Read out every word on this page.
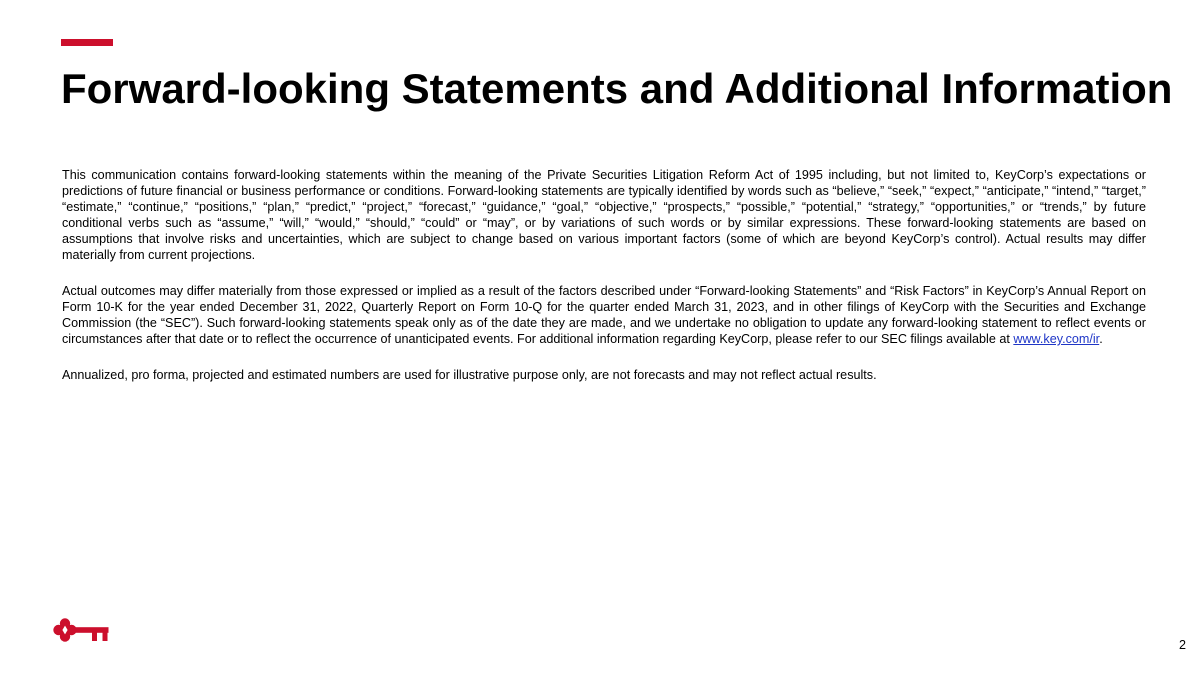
Forward-looking Statements and Additional Information

This communication contains forward-looking statements within the meaning of the Private Securities Litigation Reform Act of 1995 including, but not limited to, KeyCorp’s expectations or predictions of future financial or business performance or conditions. Forward-looking statements are typically identified by words such as “believe,” “seek,” “expect,” “anticipate,” “intend,” “target,” “estimate,” “continue,” “positions,” “plan,” “predict,” “project,” “forecast,” “guidance,” “goal,” “objective,” “prospects,” “possible,” “potential,” “strategy,” “opportunities,” or “trends,” by future conditional verbs such as “assume,” “will,” “would,” “should,” “could” or “may”, or by variations of such words or by similar expressions. These forward-looking statements are based on assumptions that involve risks and uncertainties, which are subject to change based on various important factors (some of which are beyond KeyCorp’s control). Actual results may differ materially from current projections.

Actual outcomes may differ materially from those expressed or implied as a result of the factors described under “Forward-looking Statements” and “Risk Factors” in KeyCorp’s Annual Report on Form 10-K for the year ended December 31, 2022, Quarterly Report on Form 10-Q for the quarter ended March 31, 2023, and in other filings of KeyCorp with the Securities and Exchange Commission (the “SEC”). Such forward-looking statements speak only as of the date they are made, and we undertake no obligation to update any forward-looking statement to reflect events or circumstances after that date or to reflect the occurrence of unanticipated events. For additional information regarding KeyCorp, please refer to our SEC filings available at www.key.com/ir.

Annualized, pro forma, projected and estimated numbers are used for illustrative purpose only, are not forecasts and may not reflect actual results.

2
